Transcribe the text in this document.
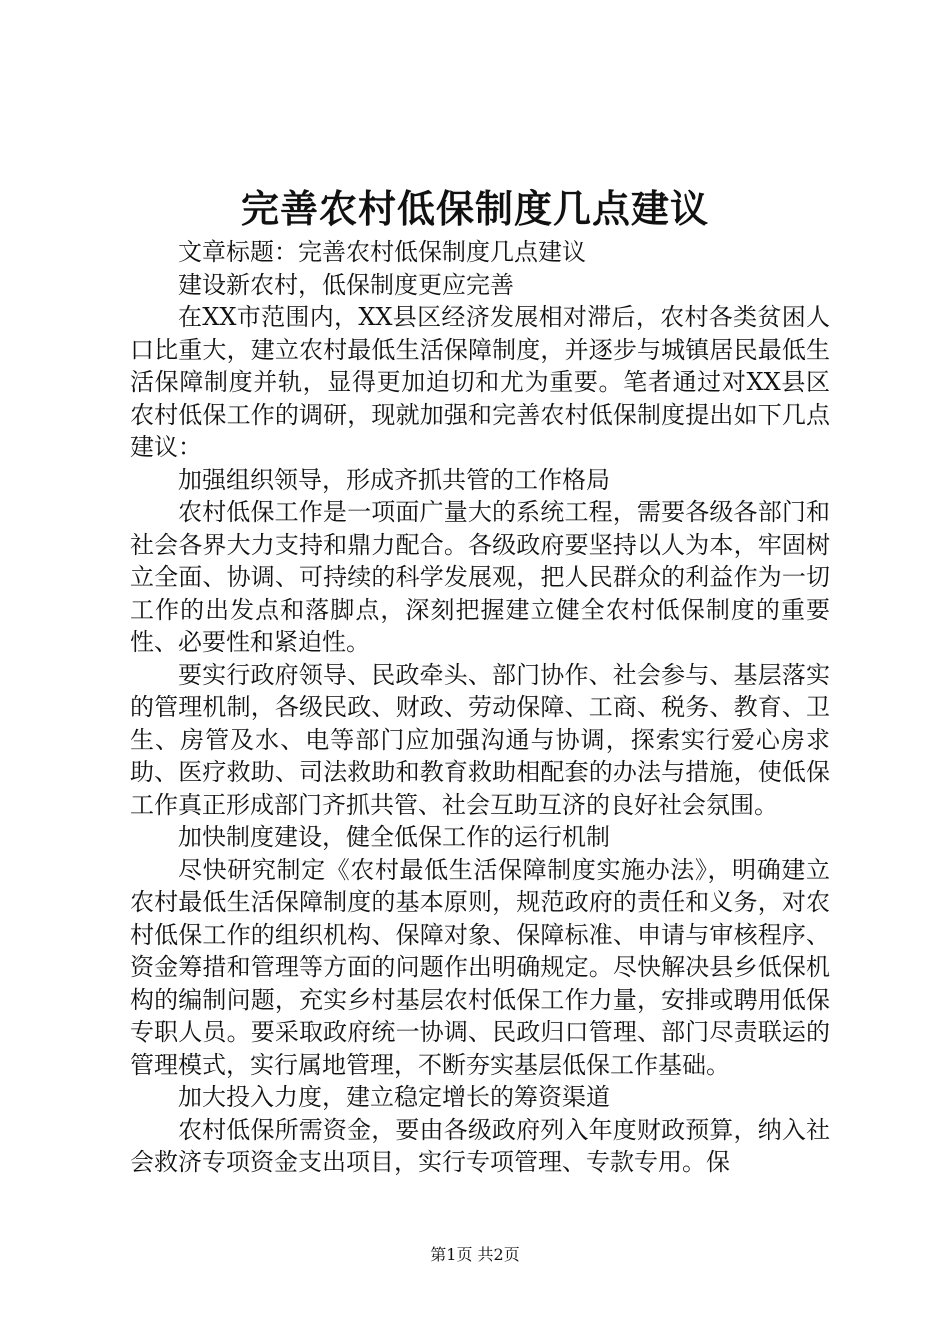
完善农村低保制度几点建议

文章标题：完善农村低保制度几点建议

建设新农村，低保制度更应完善

在XX市范围内，XX县区经济发展相对滞后，农村各类贫困人口比重大，建立农村最低生活保障制度，并逐步与城镇居民最低生活保障制度并轨，显得更加迫切和尤为重要。笔者通过对XX县区农村低保工作的调研，现就加强和完善农村低保制度提出如下几点建议：

加强组织领导，形成齐抓共管的工作格局

农村低保工作是一项面广量大的系统工程，需要各级各部门和社会各界大力支持和鼎力配合。各级政府要坚持以人为本，牢固树立全面、协调、可持续的科学发展观，把人民群众的利益作为一切工作的出发点和落脚点，深刻把握建立健全农村低保制度的重要性、必要性和紧迫性。

要实行政府领导、民政牵头、部门协作、社会参与、基层落实的管理机制，各级民政、财政、劳动保障、工商、税务、教育、卫生、房管及水、电等部门应加强沟通与协调，探索实行爱心房求助、医疗救助、司法救助和教育救助相配套的办法与措施，使低保工作真正形成部门齐抓共管、社会互助互济的良好社会氛围。

加快制度建设，健全低保工作的运行机制

尽快研究制定《农村最低生活保障制度实施办法》，明确建立农村最低生活保障制度的基本原则，规范政府的责任和义务，对农村低保工作的组织机构、保障对象、保障标准、申请与审核程序、资金筹措和管理等方面的问题作出明确规定。尽快解决县乡低保机构的编制问题，充实乡村基层农村低保工作力量，安排或聘用低保专职人员。要采取政府统一协调、民政归口管理、部门尽责联运的管理模式，实行属地管理，不断夯实基层低保工作基础。

加大投入力度，建立稳定增长的筹资渠道

农村低保所需资金，要由各级政府列入年度财政预算，纳入社会救济专项资金支出项目，实行专项管理、专款专用。保

第1页 共2页
